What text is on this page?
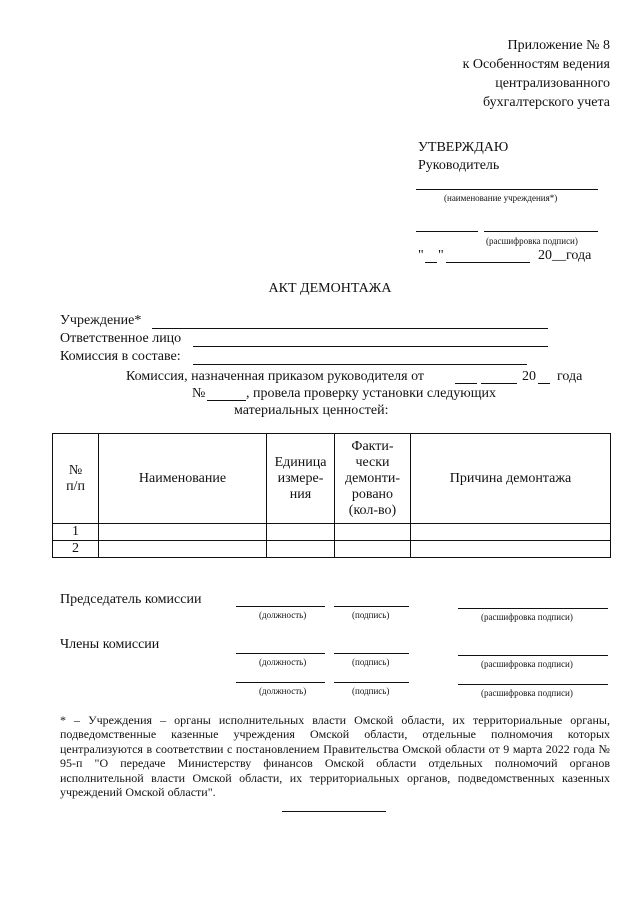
Приложение № 8
к Особенностям ведения
централизованного
бухгалтерского учета
УТВЕРЖДАЮ
Руководитель
(наименование учреждения*)
(расшифровка подписи)
" "	20__года
АКТ ДЕМОНТАЖА
Учреждение*
Ответственное лицо
Комиссия в составе:
Комиссия, назначенная приказом руководителя от	20 года
№	, провела проверку установки следующих
материальных ценностей:
№ п/п	Наименование	Единица измере-ния	Факти-чески демонти-ровано (кол-во)	Причина демонтажа
1				
2				
Председатель комиссии
(должность)	(подпись)	(расшифровка подписи)
Члены комиссии
(должность)	(подпись)	(расшифровка подписи)
(должность)	(подпись)	(расшифровка подписи)
* – Учреждения – органы исполнительных власти Омской области, их территориальные органы, подведомственные казенные учреждения Омской области, отдельные полномочия которых централизуются в соответствии с постановлением Правительства Омской области от 9 марта 2022 года № 95-п "О передаче Министерству финансов Омской области отдельных полномочий органов исполнительной власти Омской области, их территориальных органов, подведомственных казенных учреждений Омской области".
